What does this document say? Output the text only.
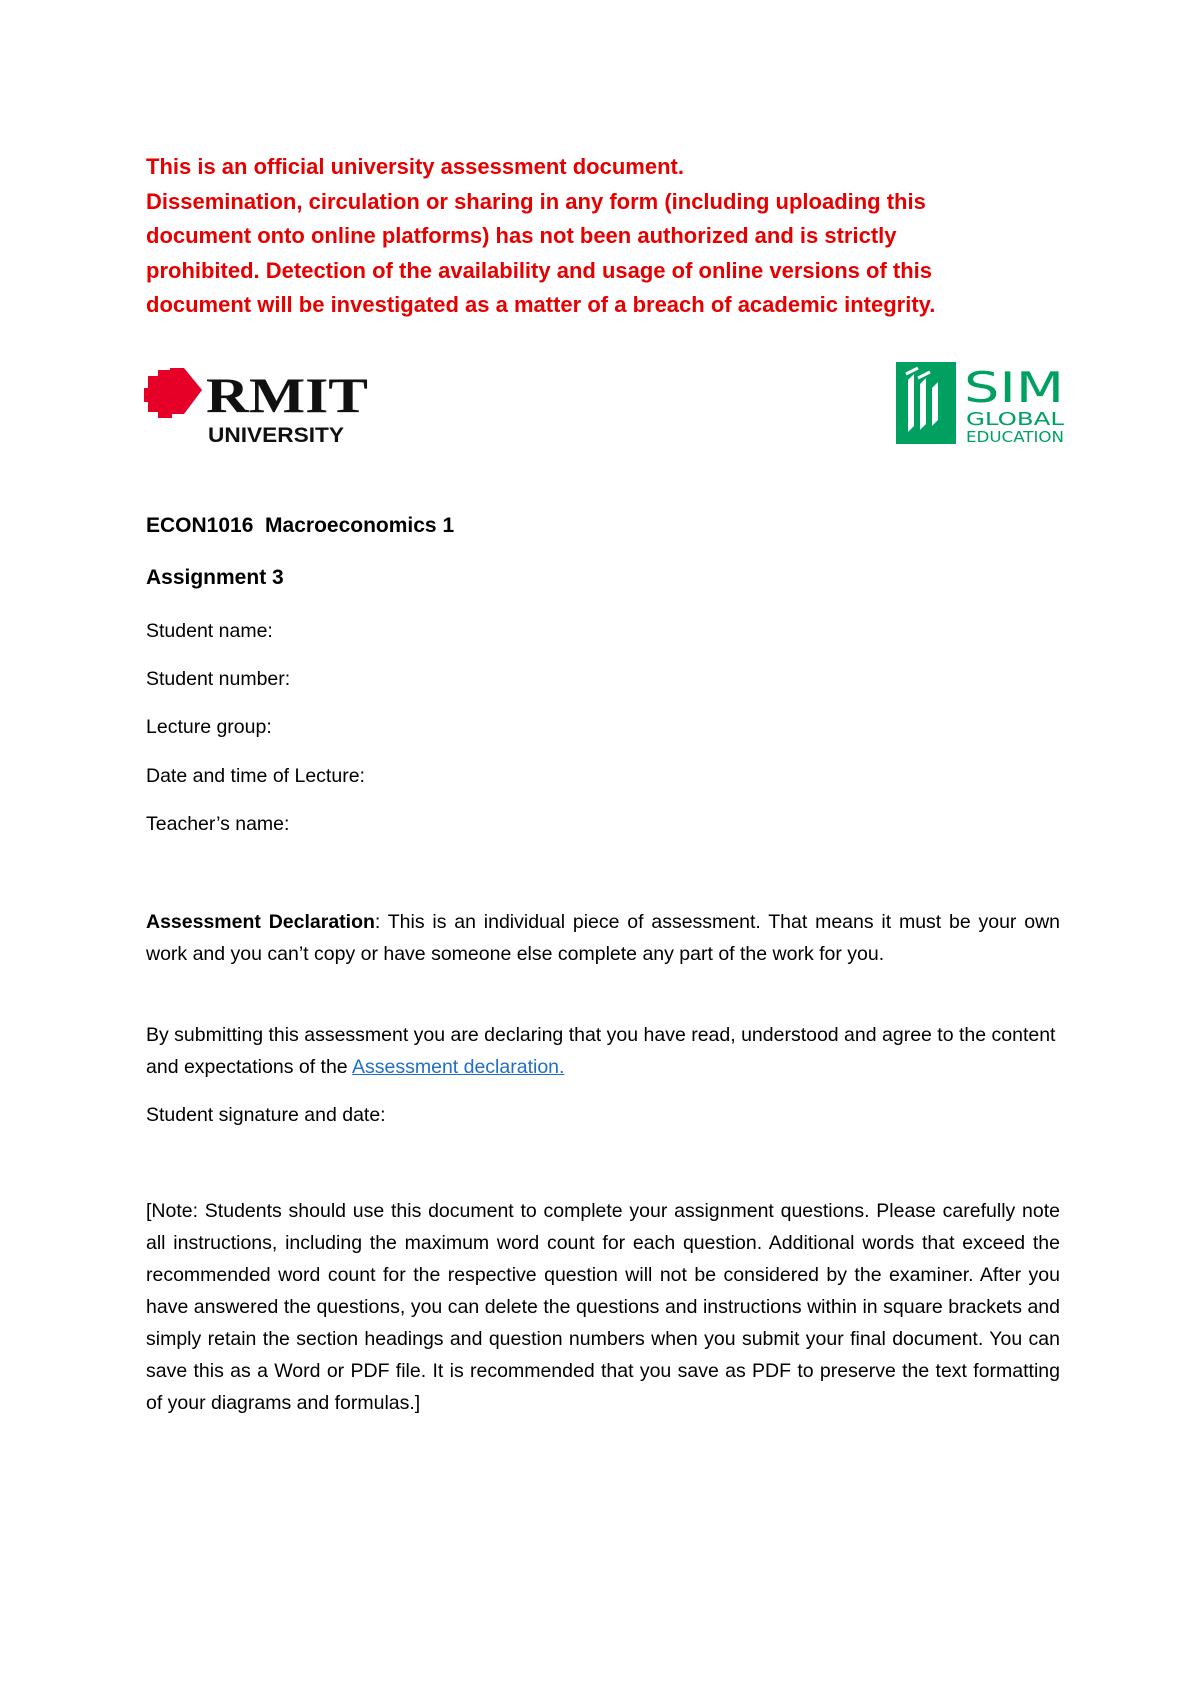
This is an official university assessment document.
Dissemination, circulation or sharing in any form (including uploading this
document onto online platforms) has not been authorized and is strictly
prohibited. Detection of the availability and usage of online versions of this
document will be investigated as a matter of a breach of academic integrity.
RMIT
UNIVERSITY
SIM
GLOBAL
EDUCATION
ECON1016  Macroeconomics 1
Assignment 3
Student name:
Student number:
Lecture group:
Date and time of Lecture:
Teacher’s name:

Assessment Declaration: This is an individual piece of assessment. That means it must be your own work and you can’t copy or have someone else complete any part of the work for you.

By submitting this assessment you are declaring that you have read, understood and agree to the content and expectations of the Assessment declaration.

Student signature and date:

[Note: Students should use this document to complete your assignment questions. Please carefully note all instructions, including the maximum word count for each question. Additional words that exceed the recommended word count for the respective question will not be considered by the examiner. After you have answered the questions, you can delete the questions and instructions within in square brackets and simply retain the section headings and question numbers when you submit your final document. You can save this as a Word or PDF file. It is recommended that you save as PDF to preserve the text formatting of your diagrams and formulas.]
